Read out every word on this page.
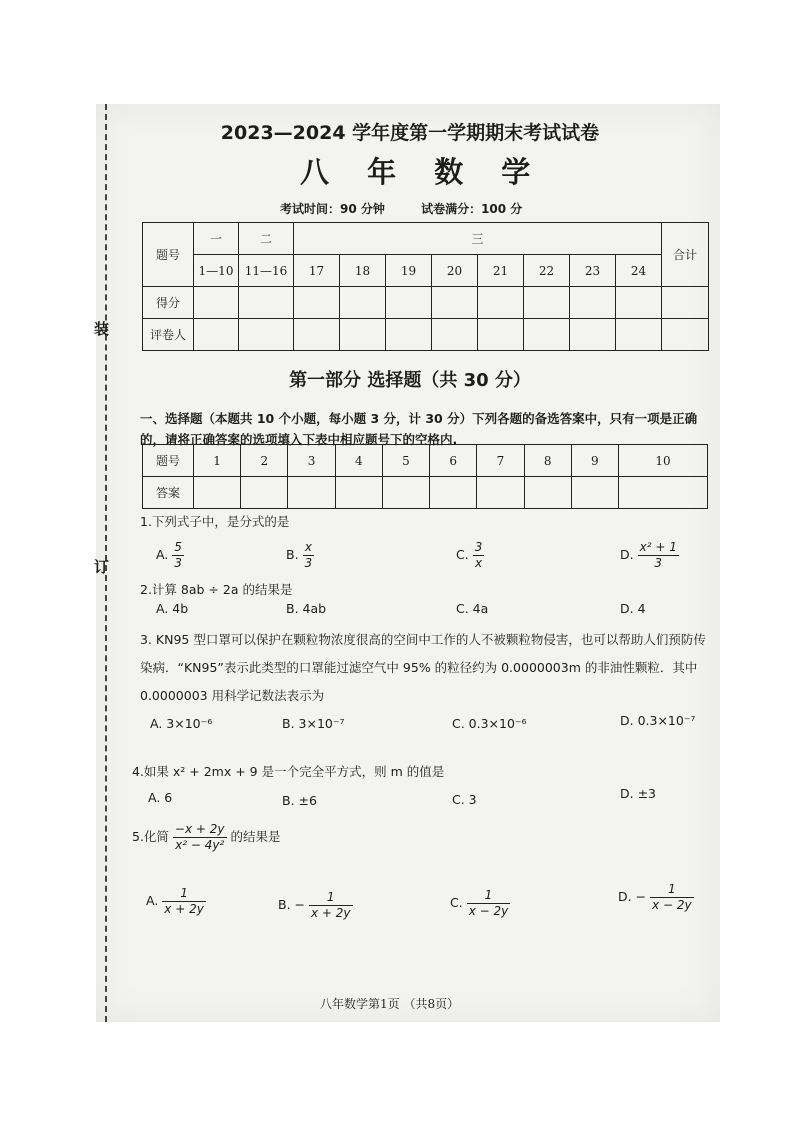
装
订
2023—2024 学年度第一学期期末考试试卷
八 年 数 学
考试时间：90 分钟	试卷满分：100 分
题号	一	二	三								合计
	1—10	11—16	17	18	19	20	21	22	23	24	
得分											
评卷人											
第一部分 选择题（共 30 分）
一、选择题（本题共 10 个小题，每小题 3 分，计 30 分）下列各题的备选答案中，只有一项是正确的，请将正确答案的选项填入下表中相应题号下的空格内.
题号	1	2	3	4	5	6	7	8	9	10
答案										
1.下列式子中，是分式的是
A. $\frac{5}{3}$	B. $\frac{x}{3}$	C. $\frac{3}{x}$	D. $\frac{\text{x² + 1}}{3}$
2.计算 8ab ÷ 2a 的结果是
A. 4b	B. 4ab	C. 4a	D. 4
3. KN95 型口罩可以保护在颗粒物浓度很高的空间中工作的人不被颗粒物侵害，也可以帮助人们预防传染病．“KN95”表示此类型的口罩能过滤空气中 95% 的粒径约为 0.0000003m 的非油性颗粒．其中 0.0000003 用科学记数法表示为
A. 3×10⁻⁶	B. 3×10⁻⁷	C. 0.3×10⁻⁶	D. 0.3×10⁻⁷
4.如果 x² + 2mx + 9 是一个完全平方式，则 m 的值是
A. 6	B. ±6	C. 3	D. ±3
5.化简 $\frac{-x + 2y}{\text{x² − 4y²}}$ 的结果是
A. $\frac{1}{x + 2y}$	B. − $\frac{1}{x + 2y}$	C. $\frac{1}{x - 2y}$	D. − $\frac{1}{x - 2y}$
八年数学第1页 （共8页）
